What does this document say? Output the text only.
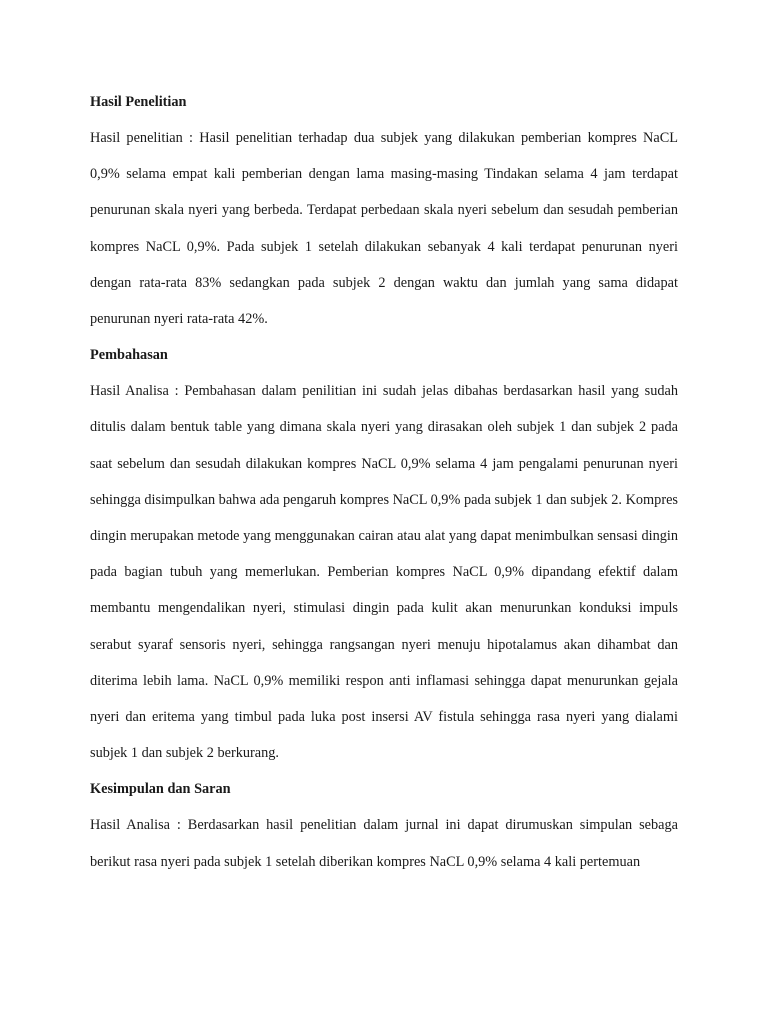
Hasil Penelitian
Hasil penelitian : Hasil penelitian terhadap dua subjek yang dilakukan pemberian kompres NaCL 0,9% selama empat kali pemberian dengan lama masing-masing Tindakan selama 4 jam terdapat penurunan skala nyeri yang berbeda. Terdapat perbedaan skala nyeri sebelum dan sesudah pemberian kompres NaCL 0,9%. Pada subjek 1 setelah dilakukan sebanyak 4 kali terdapat penurunan nyeri dengan rata-rata 83% sedangkan pada subjek 2 dengan waktu dan jumlah yang sama didapat penurunan nyeri rata-rata 42%.
Pembahasan
Hasil Analisa : Pembahasan dalam penilitian ini sudah jelas dibahas berdasarkan hasil yang sudah ditulis dalam bentuk table yang dimana skala nyeri yang dirasakan oleh subjek 1 dan subjek 2 pada saat sebelum dan sesudah dilakukan kompres NaCL 0,9% selama 4 jam pengalami penurunan nyeri sehingga disimpulkan bahwa ada pengaruh kompres NaCL 0,9% pada subjek 1 dan subjek 2. Kompres dingin merupakan metode yang menggunakan cairan atau alat yang dapat menimbulkan sensasi dingin pada bagian tubuh yang memerlukan. Pemberian kompres NaCL 0,9% dipandang efektif dalam membantu mengendalikan nyeri, stimulasi dingin pada kulit akan menurunkan konduksi impuls serabut syaraf sensoris nyeri, sehingga rangsangan nyeri menuju hipotalamus akan dihambat dan diterima lebih lama. NaCL 0,9% memiliki respon anti inflamasi sehingga dapat menurunkan gejala nyeri dan eritema yang timbul pada luka post insersi AV fistula sehingga rasa nyeri yang dialami subjek 1 dan subjek 2 berkurang.
Kesimpulan dan Saran
Hasil Analisa : Berdasarkan hasil penelitian dalam jurnal ini dapat dirumuskan simpulan sebaga berikut rasa nyeri pada subjek 1 setelah diberikan kompres NaCL 0,9% selama 4 kali pertemuan
